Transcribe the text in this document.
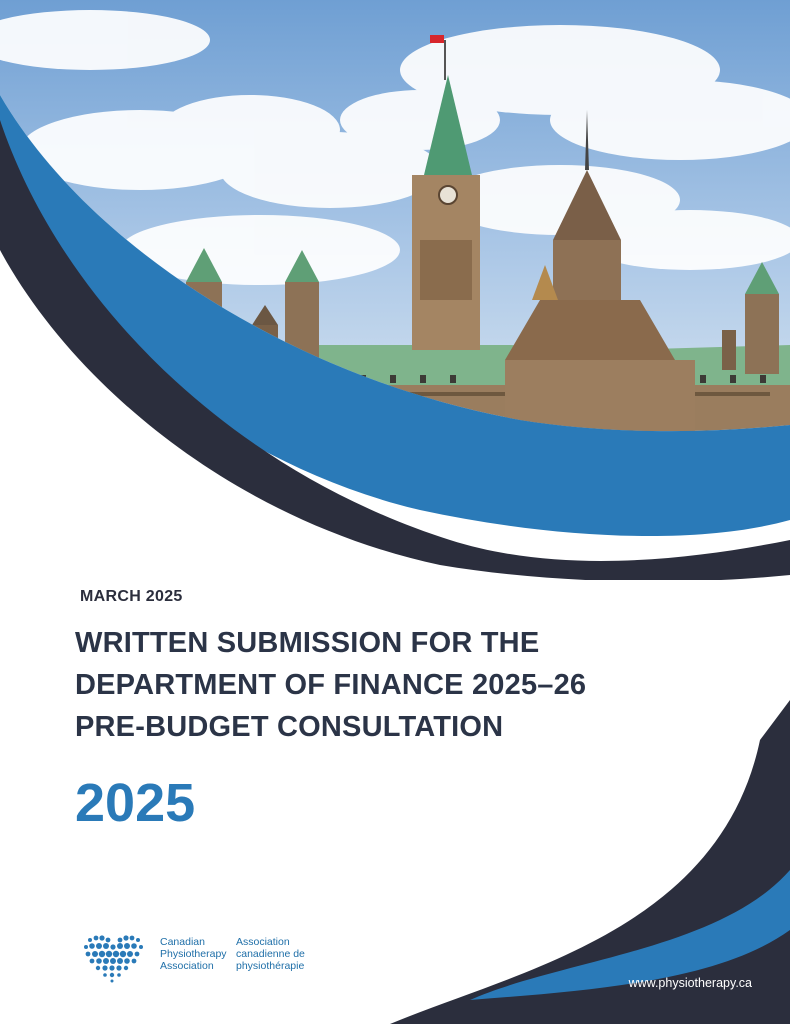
MARCH 2025
WRITTEN SUBMISSION FOR THE
DEPARTMENT OF FINANCE 2025–26
PRE-BUDGET CONSULTATION
2025
Canadian
Physiotherapy
Association
Association
canadienne de
physiothérapie
www.physiotherapy.ca
